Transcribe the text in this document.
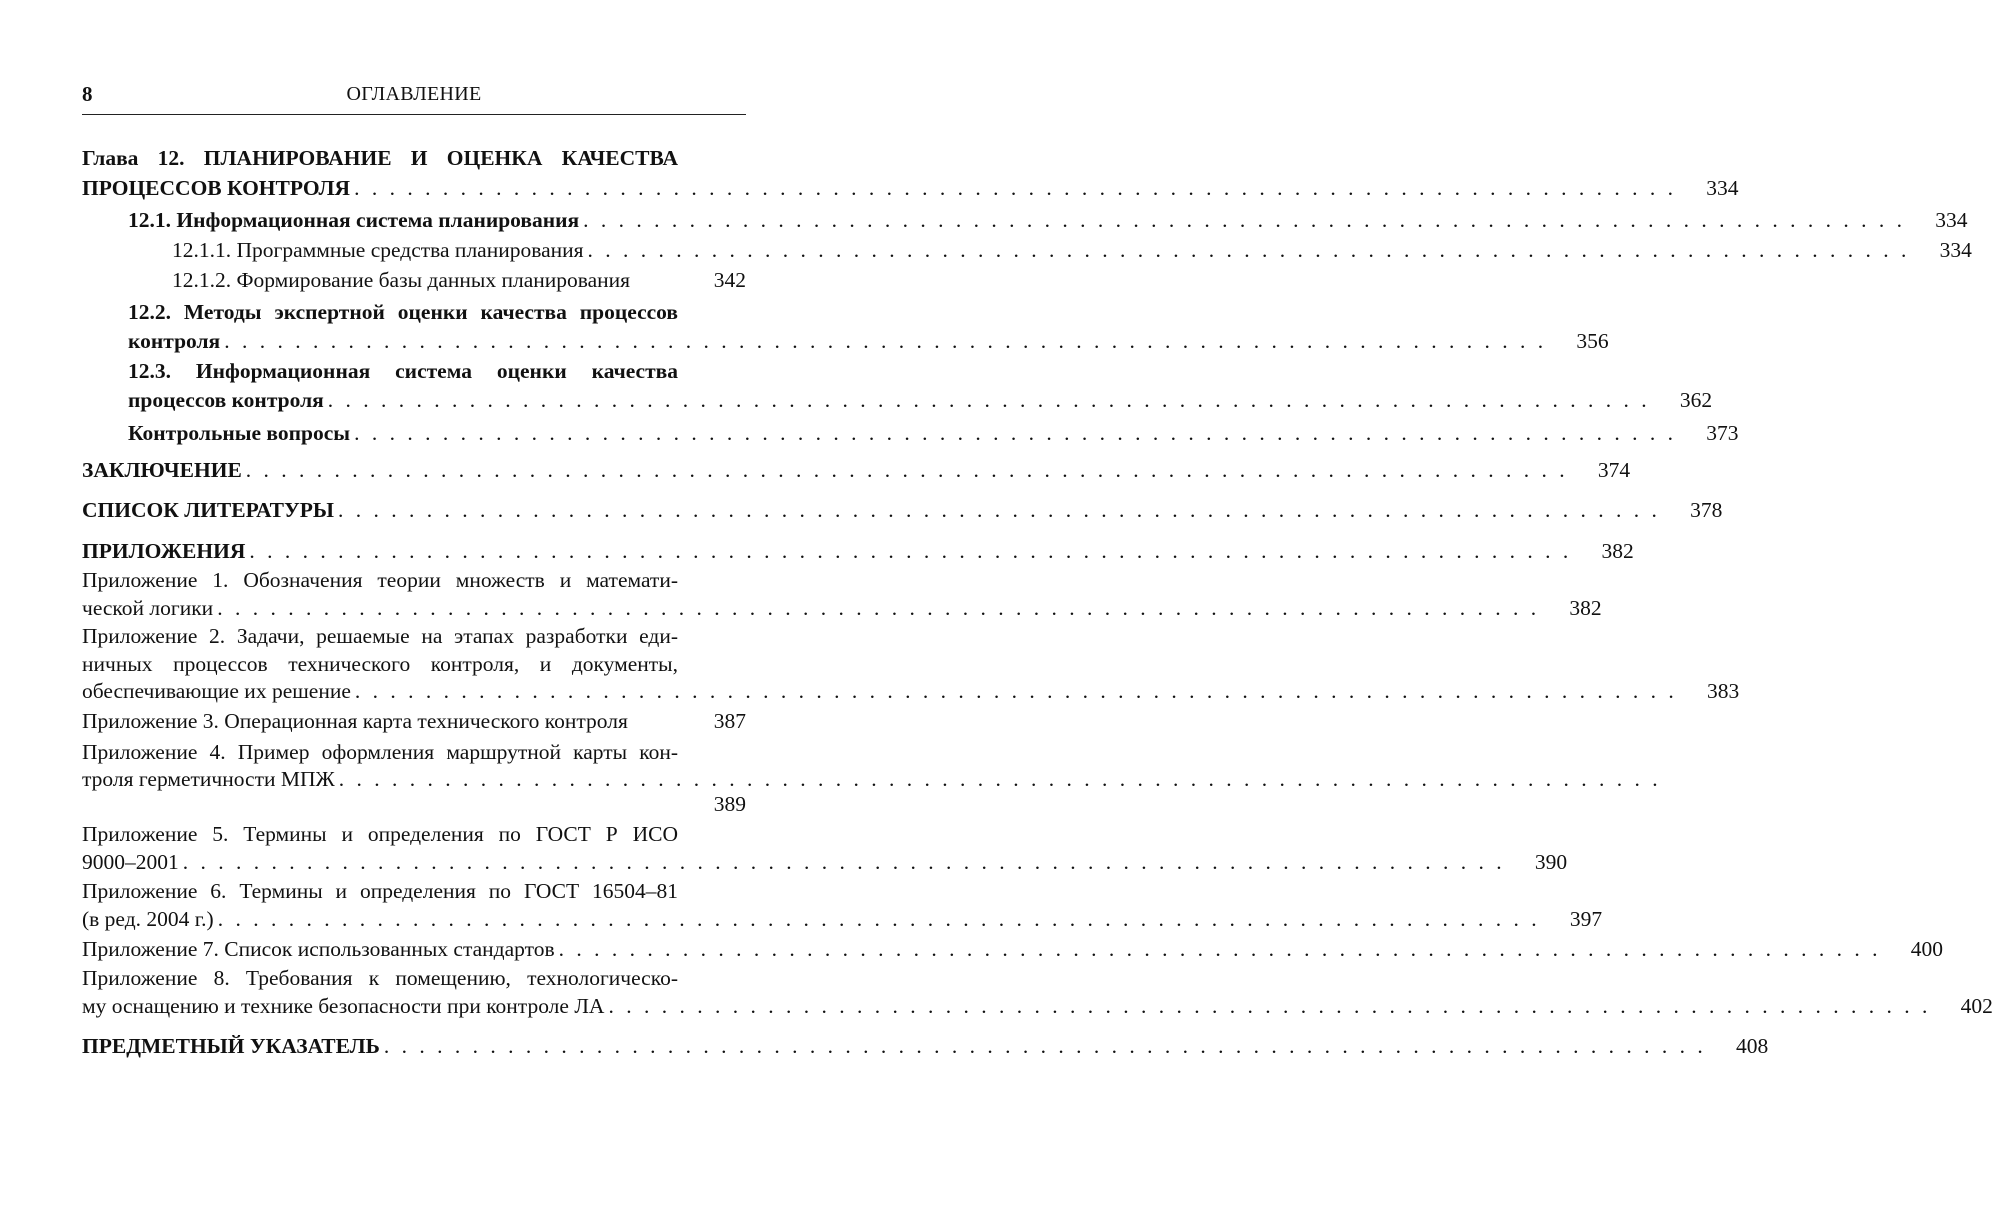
8	ОГЛАВЛЕНИЕ
Глава 12. ПЛАНИРОВАНИЕ И ОЦЕНКА КАЧЕСТВА
ПРОЦЕССОВ КОНТРОЛЯ . . . . . . . . . . . . . . . . . . . . . . . . . . . . . . . . . . . . . . . . . . . . . . . . . . . . . . . . . . . . . . . . . . . . . . . . . . .	334
12.1. Информационная система планирования . . . . . . . . . . . . . . . . . . . . . . . . . . . . . . . . . . . . . . . . . . . . . . . . . . . . . . . . . . . . . . . . . . . . . . . . . . .	334
12.1.1. Программные средства планирования . . . . . . . . . . . . . . . . . . . . . . . . . . . . . . . . . . . . . . . . . . . . . . . . . . . . . . . . . . . . . . . . . . . . . . . . . . .	334
12.1.2. Формирование базы данных планирования	342
12.2. Методы экспертной оценки качества процессов
контроля . . . . . . . . . . . . . . . . . . . . . . . . . . . . . . . . . . . . . . . . . . . . . . . . . . . . . . . . . . . . . . . . . . . . . . . . . . .	356
12.3. Информационная система оценки качества
процессов контроля . . . . . . . . . . . . . . . . . . . . . . . . . . . . . . . . . . . . . . . . . . . . . . . . . . . . . . . . . . . . . . . . . . . . . . . . . . .	362
Контрольные вопросы . . . . . . . . . . . . . . . . . . . . . . . . . . . . . . . . . . . . . . . . . . . . . . . . . . . . . . . . . . . . . . . . . . . . . . . . . . .	373
ЗАКЛЮЧЕНИЕ . . . . . . . . . . . . . . . . . . . . . . . . . . . . . . . . . . . . . . . . . . . . . . . . . . . . . . . . . . . . . . . . . . . . . . . . . . .	374
СПИСОК ЛИТЕРАТУРЫ . . . . . . . . . . . . . . . . . . . . . . . . . . . . . . . . . . . . . . . . . . . . . . . . . . . . . . . . . . . . . . . . . . . . . . . . . . .	378
ПРИЛОЖЕНИЯ . . . . . . . . . . . . . . . . . . . . . . . . . . . . . . . . . . . . . . . . . . . . . . . . . . . . . . . . . . . . . . . . . . . . . . . . . . .	382
Приложение 1. Обозначения теории множеств и математи-
ческой логики . . . . . . . . . . . . . . . . . . . . . . . . . . . . . . . . . . . . . . . . . . . . . . . . . . . . . . . . . . . . . . . . . . . . . . . . . . .	382
Приложение 2. Задачи, решаемые на этапах разработки еди-
ничных процессов технического контроля, и документы,
обеспечивающие их решение . . . . . . . . . . . . . . . . . . . . . . . . . . . . . . . . . . . . . . . . . . . . . . . . . . . . . . . . . . . . . . . . . . . . . . . . . . .	383
Приложение 3. Операционная карта технического контроля	387
Приложение 4. Пример оформления маршрутной карты кон-
троля герметичности МПЖ . . . . . . . . . . . . . . . . . . . . . . . . . . . . . . . . . . . . . . . . . . . . . . . . . . . . . . . . . . . . . . . . . . . . . . . . . . .
389
Приложение 5. Термины и определения по ГОСТ Р ИСО
9000–2001 . . . . . . . . . . . . . . . . . . . . . . . . . . . . . . . . . . . . . . . . . . . . . . . . . . . . . . . . . . . . . . . . . . . . . . . . . . .	390
Приложение 6. Термины и определения по ГОСТ 16504–81
(в ред. 2004 г.) . . . . . . . . . . . . . . . . . . . . . . . . . . . . . . . . . . . . . . . . . . . . . . . . . . . . . . . . . . . . . . . . . . . . . . . . . . .	397
Приложение 7. Список использованных стандартов . . . . . . . . . . . . . . . . . . . . . . . . . . . . . . . . . . . . . . . . . . . . . . . . . . . . . . . . . . . . . . . . . . . . . . . . . . .	400
Приложение 8. Требования к помещению, технологическо-
му оснащению и технике безопасности при контроле ЛА . . . . . . . . . . . . . . . . . . . . . . . . . . . . . . . . . . . . . . . . . . . . . . . . . . . . . . . . . . . . . . . . . . . . . . . . . . .	402
ПРЕДМЕТНЫЙ УКАЗАТЕЛЬ . . . . . . . . . . . . . . . . . . . . . . . . . . . . . . . . . . . . . . . . . . . . . . . . . . . . . . . . . . . . . . . . . . . . . . . . . . .	408
